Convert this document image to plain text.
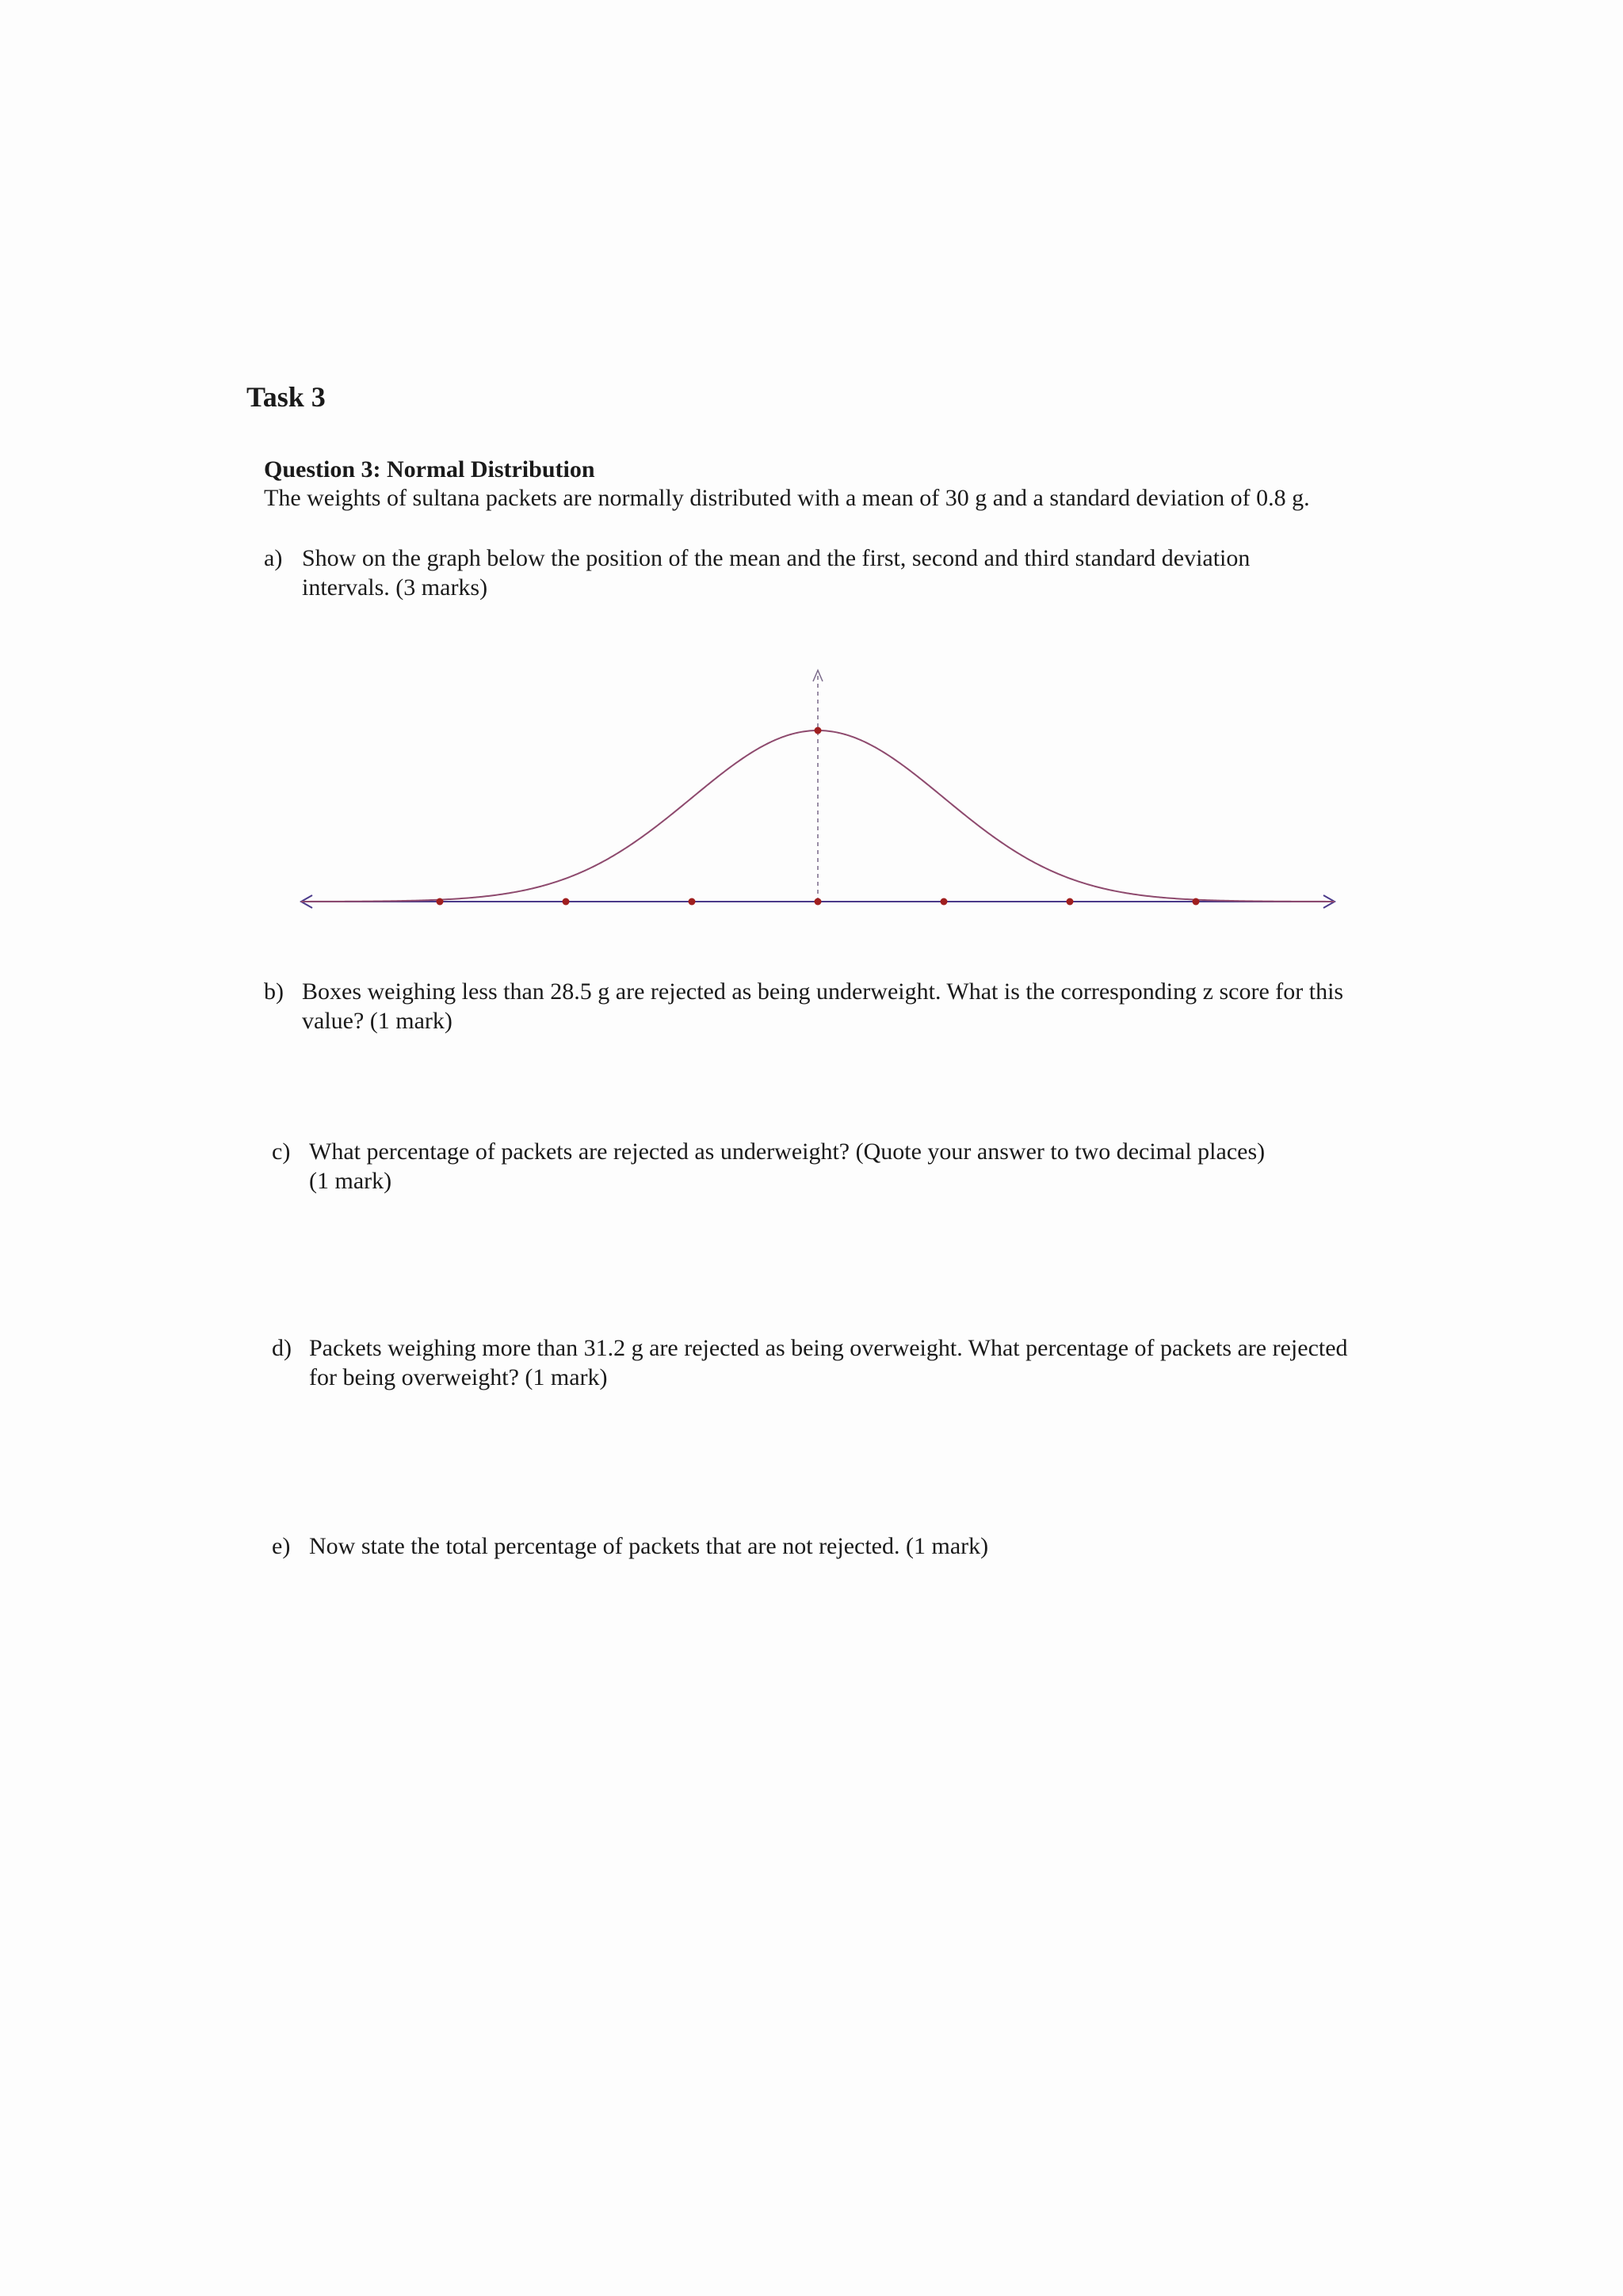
Task 3
Question 3: Normal Distribution
The weights of sultana packets are normally distributed with a mean of 30 g and a standard deviation of 0.8 g.
a) Show on the graph below the position of the mean and the first, second and third standard deviation
intervals. (3 marks)
b) Boxes weighing less than 28.5 g are rejected as being underweight. What is the corresponding z score for this
value? (1 mark)
c) What percentage of packets are rejected as underweight? (Quote your answer to two decimal places)
(1 mark)
d) Packets weighing more than 31.2 g are rejected as being overweight. What percentage of packets are rejected
for being overweight? (1 mark)
e) Now state the total percentage of packets that are not rejected. (1 mark)
